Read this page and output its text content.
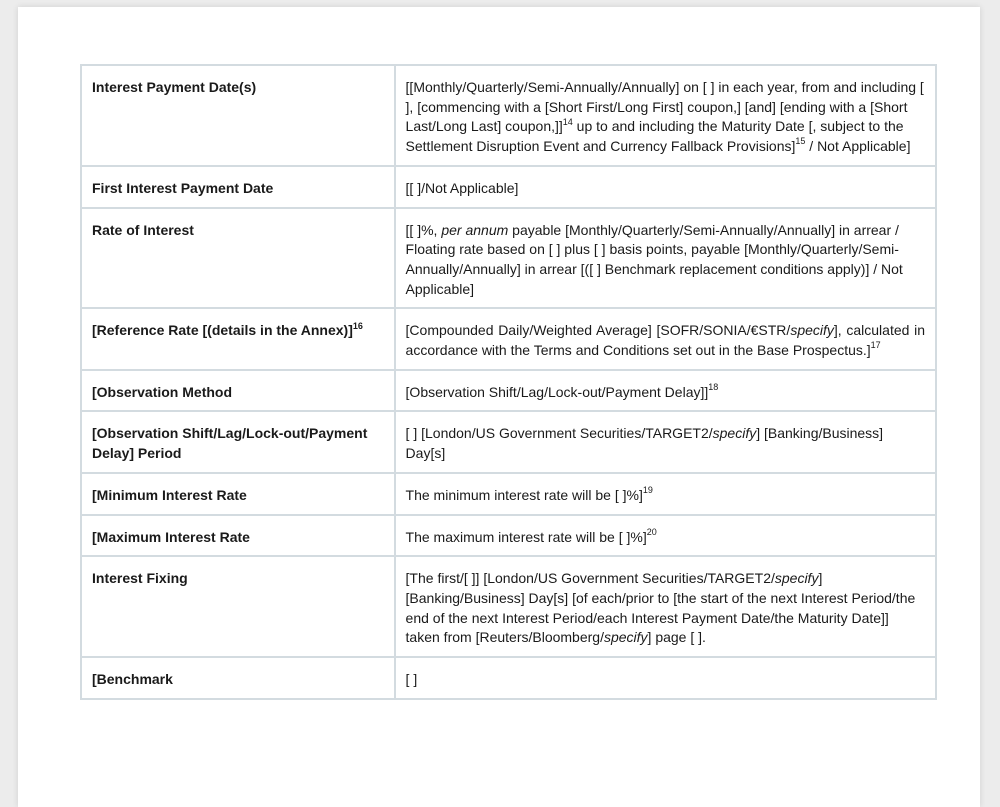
Interest Payment Date(s)	[[Monthly/Quarterly/Semi-Annually/Annually] on [ ] in each year, from and including [ ], [commencing with a [Short First/Long First] coupon,] [and] [ending with a [Short Last/Long Last] coupon,]]$^{14}$ up to and including the Maturity Date [, subject to the Settlement Disruption Event and Currency Fallback Provisions]$^{15}$ / Not Applicable]
First Interest Payment Date	[[ ]/Not Applicable]
Rate of Interest	[[ ]%, per annum payable [Monthly/Quarterly/Semi-Annually/Annually] in arrear / Floating rate based on [ ] plus [ ] basis points, payable [Monthly/Quarterly/Semi-Annually/Annually] in arrear [([ ] Benchmark replacement conditions apply)] / Not Applicable]
[Reference Rate [(details in the Annex)]$^{16}$	[Compounded Daily/Weighted Average] [SOFR/SONIA/€STR/specify], calculated in accordance with the Terms and Conditions set out in the Base Prospectus.]$^{17}$
[Observation Method	[Observation Shift/Lag/Lock-out/Payment Delay]]$^{18}$
[Observation Shift/Lag/Lock-out/Payment Delay] Period	[ ] [London/US Government Securities/TARGET2/specify] [Banking/Business] Day[s]
[Minimum Interest Rate	The minimum interest rate will be [ ]%]$^{19}$
[Maximum Interest Rate	The maximum interest rate will be [ ]%]$^{20}$
Interest Fixing	[The first/[ ]] [London/US Government Securities/TARGET2/specify] [Banking/Business] Day[s] [of each/prior to [the start of the next Interest Period/the end of the next Interest Period/each Interest Payment Date/the Maturity Date]] taken from [Reuters/Bloomberg/specify] page [ ].
[Benchmark	[ ]
